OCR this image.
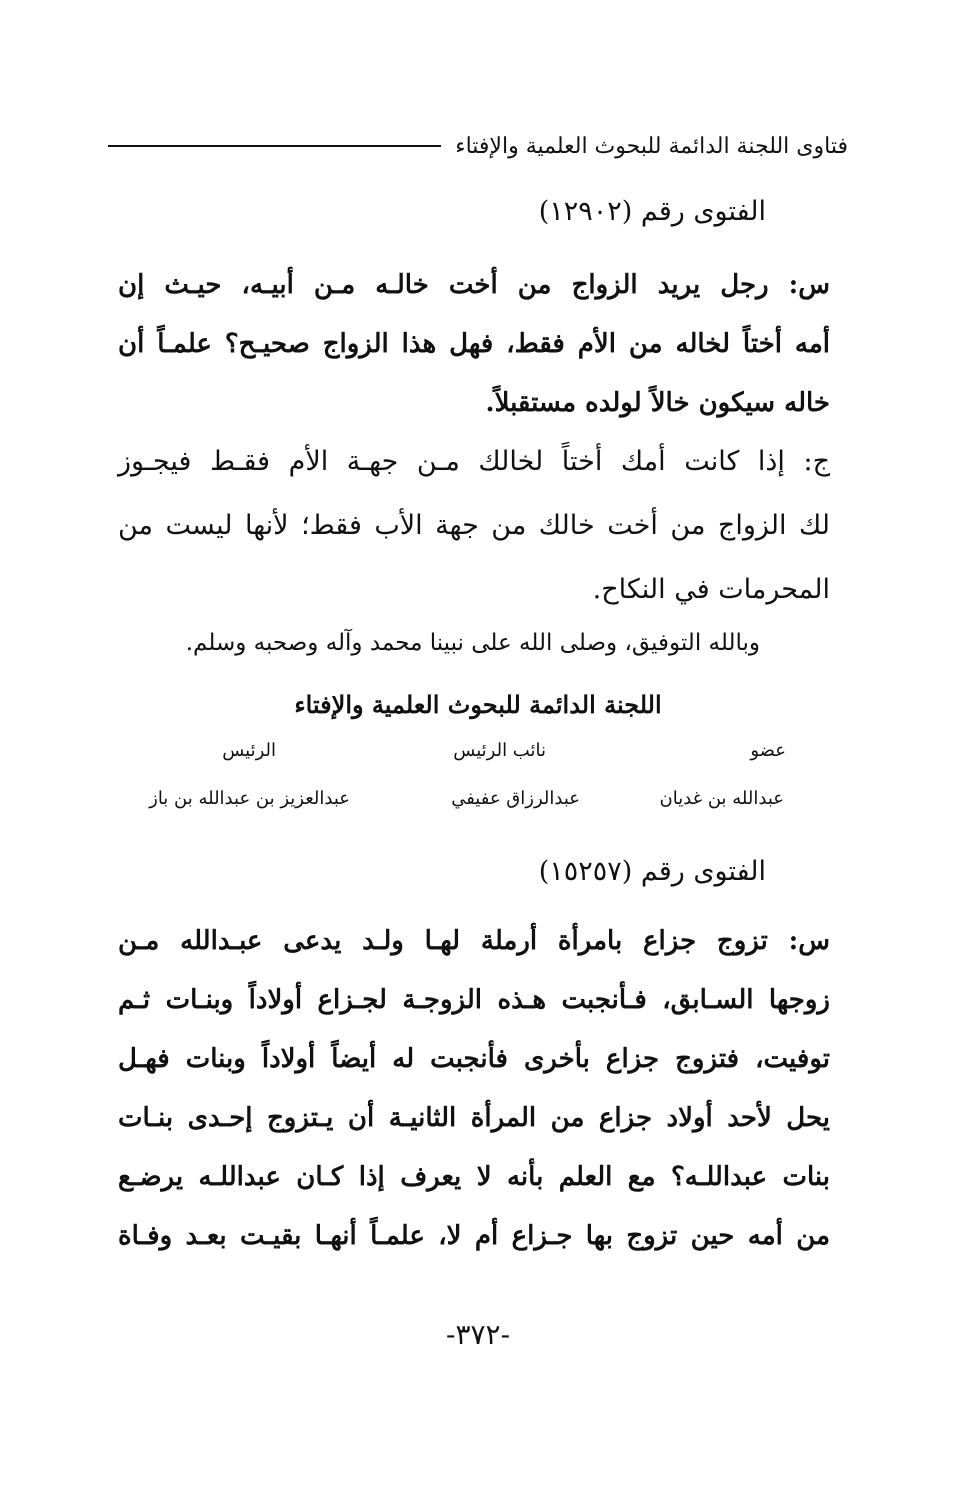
فتاوى اللجنة الدائمة للبحوث العلمية والإفتاء
الفتوى رقم (١٢٩٠٢)
س: رجل يريد الزواج من أخت خالـه مـن أبيـه، حيـث إن
أمه أختاً لخاله من الأم فقط، فهل هذا الزواج صحيـح؟ علمـاً أن
خاله سيكون خالاً لولده مستقبلاً.
ج: إذا كانت أمك أختاً لخالك مـن جهـة الأم فقـط فيجـوز
لك الزواج من أخت خالك من جهة الأب فقط؛ لأنها ليست من
المحرمات في النكاح.
وبالله التوفيق، وصلى الله على نبينا محمد وآله وصحبه وسلم.
اللجنة الدائمة للبحوث العلمية والإفتاء
عضو
نائب الرئيس
الرئيس
عبدالله بن غديان
عبدالرزاق عفيفي
عبدالعزيز بن عبدالله بن باز
الفتوى رقم (١٥٢٥٧)
س: تزوج جزاع بامرأة أرملة لهـا ولـد يدعى عبـدالله مـن
زوجها السـابق، فـأنجبت هـذه الزوجـة لجـزاع أولاداً وبنـات ثـم
توفيت، فتزوج جزاع بأخرى فأنجبت له أيضاً أولاداً وبنات فهـل
يحل لأحد أولاد جزاع من المرأة الثانيـة أن يـتزوج إحـدى بنـات
بنات عبداللـه؟ مع العلم بأنه لا يعرف إذا كـان عبداللـه يرضـع
من أمه حين تزوج بها جـزاع أم لا، علمـاً أنهـا بقيـت بعـد وفـاة
-٣٧٢-
